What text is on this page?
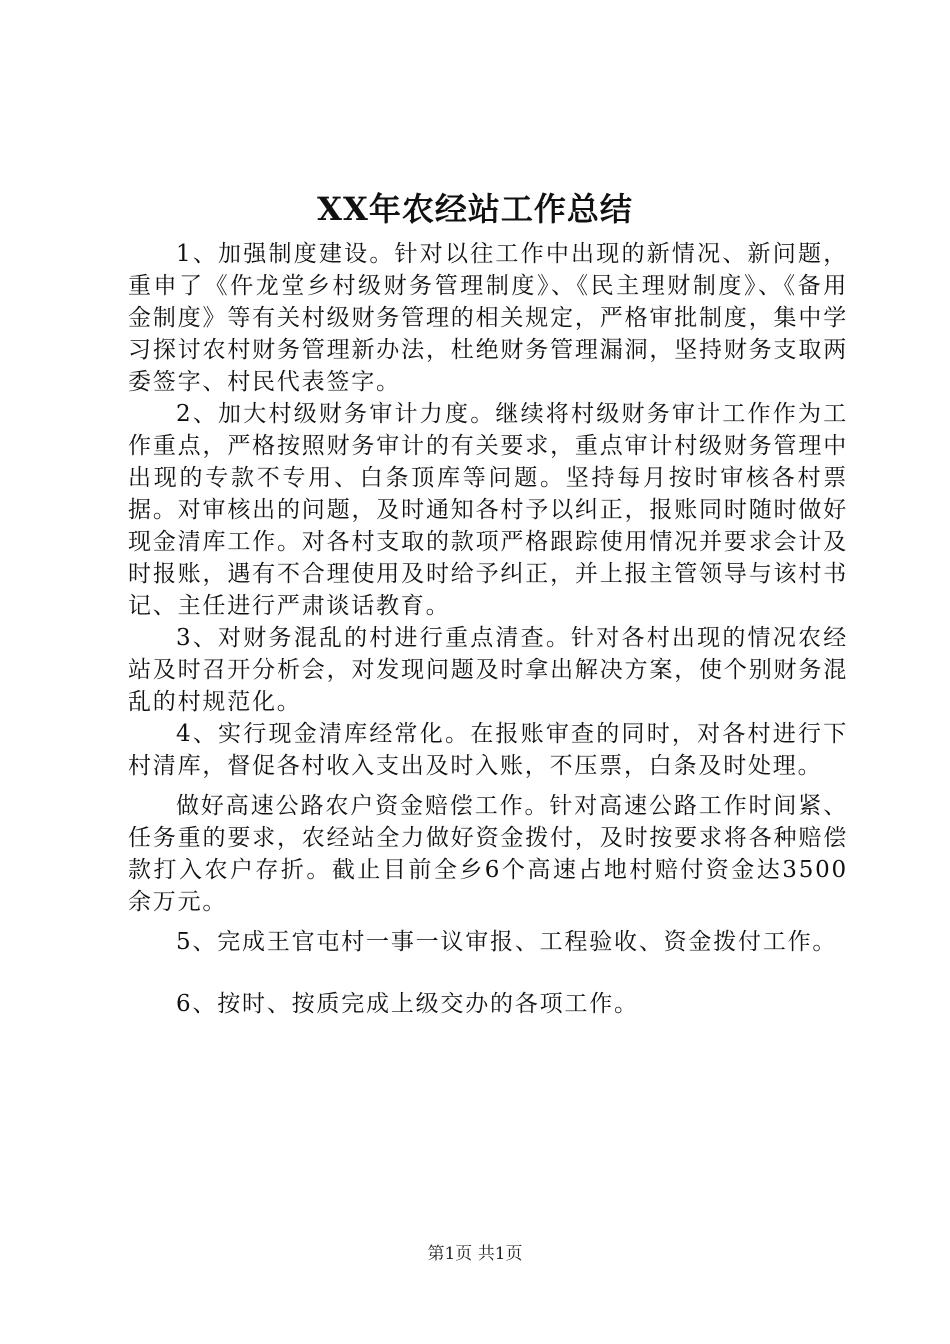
XX年农经站工作总结

1、加强制度建设。针对以往工作中出现的新情况、新问题，重申了《仵龙堂乡村级财务管理制度》、《民主理财制度》、《备用金制度》等有关村级财务管理的相关规定，严格审批制度，集中学习探讨农村财务管理新办法，杜绝财务管理漏洞，坚持财务支取两委签字、村民代表签字。

2、加大村级财务审计力度。继续将村级财务审计工作作为工作重点，严格按照财务审计的有关要求，重点审计村级财务管理中出现的专款不专用、白条顶库等问题。坚持每月按时审核各村票据。对审核出的问题，及时通知各村予以纠正，报账同时随时做好现金清库工作。对各村支取的款项严格跟踪使用情况并要求会计及时报账，遇有不合理使用及时给予纠正，并上报主管领导与该村书记、主任进行严肃谈话教育。

3、对财务混乱的村进行重点清查。针对各村出现的情况农经站及时召开分析会，对发现问题及时拿出解决方案，使个别财务混乱的村规范化。

4、实行现金清库经常化。在报账审查的同时，对各村进行下村清库，督促各村收入支出及时入账，不压票，白条及时处理。

做好高速公路农户资金赔偿工作。针对高速公路工作时间紧、任务重的要求，农经站全力做好资金拨付，及时按要求将各种赔偿款打入农户存折。截止目前全乡6个高速占地村赔付资金达3500余万元。

5、完成王官屯村一事一议审报、工程验收、资金拨付工作。

6、按时、按质完成上级交办的各项工作。

第1页 共1页
